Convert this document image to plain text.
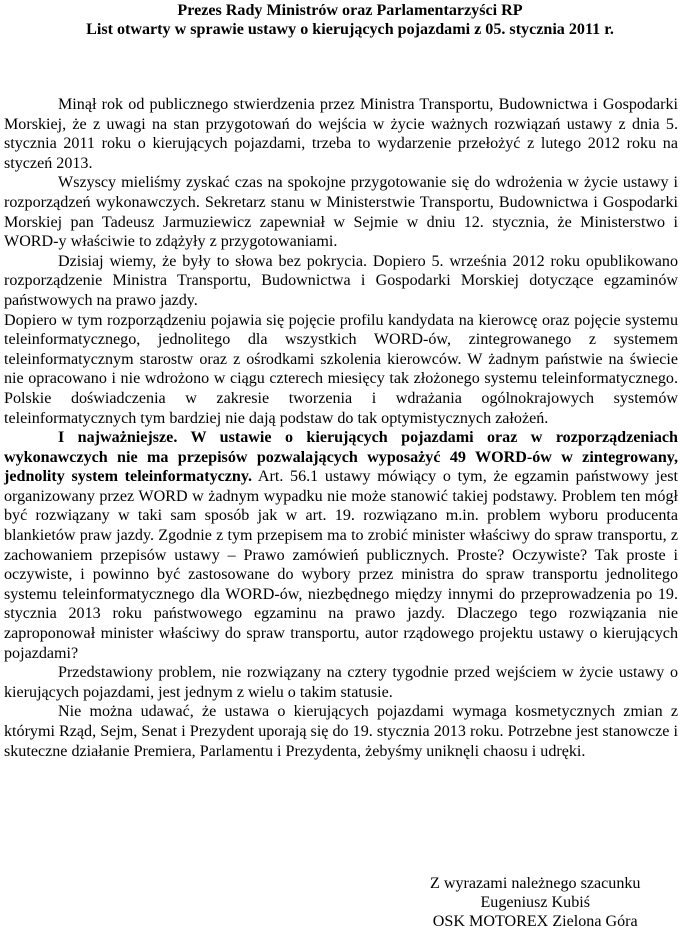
Prezes Rady Ministrów oraz Parlamentarzyści RP
List otwarty w sprawie ustawy o kierujących pojazdami z 05. stycznia 2011 r.

Minął rok od publicznego stwierdzenia przez Ministra Transportu, Budownictwa i Gospodarki Morskiej, że z uwagi na stan przygotowań do wejścia w życie ważnych rozwiązań ustawy z dnia 5. stycznia 2011 roku o kierujących pojazdami, trzeba to wydarzenie przełożyć z lutego 2012 roku na styczeń 2013.

Wszyscy mieliśmy zyskać czas na spokojne przygotowanie się do wdrożenia w życie ustawy i rozporządzeń wykonawczych. Sekretarz stanu w Ministerstwie Transportu, Budownictwa i Gospodarki Morskiej pan Tadeusz Jarmuziewicz zapewniał w Sejmie w dniu 12. stycznia, że Ministerstwo i WORD-y właściwie to zdążyły z przygotowaniami.

Dzisiaj wiemy, że były to słowa bez pokrycia. Dopiero 5. września 2012 roku opublikowano rozporządzenie Ministra Transportu, Budownictwa i Gospodarki Morskiej dotyczące egzaminów państwowych na prawo jazdy.

Dopiero w tym rozporządzeniu pojawia się pojęcie profilu kandydata na kierowcę oraz pojęcie systemu teleinformatycznego, jednolitego dla wszystkich WORD-ów, zintegrowanego z systemem teleinformatycznym starostw oraz z ośrodkami szkolenia kierowców. W żadnym państwie na świecie nie opracowano i nie wdrożono w ciągu czterech miesięcy tak złożonego systemu teleinformatycznego. Polskie doświadczenia w zakresie tworzenia i wdrażania ogólnokrajowych systemów teleinformatycznych tym bardziej nie dają podstaw do tak optymistycznych założeń.

I najważniejsze. W ustawie o kierujących pojazdami oraz w rozporządzeniach wykonawczych nie ma przepisów pozwalających wyposażyć 49 WORD-ów w zintegrowany, jednolity system teleinformatyczny. Art. 56.1 ustawy mówiący o tym, że egzamin państwowy jest organizowany przez WORD w żadnym wypadku nie może stanowić takiej podstawy. Problem ten mógł być rozwiązany w taki sam sposób jak w art. 19. rozwiązano m.in. problem wyboru producenta blankietów praw jazdy. Zgodnie z tym przepisem ma to zrobić minister właściwy do spraw transportu, z zachowaniem przepisów ustawy – Prawo zamówień publicznych. Proste? Oczywiste? Tak proste i oczywiste, i powinno być zastosowane do wybory przez ministra do spraw transportu jednolitego systemu teleinformatycznego dla WORD-ów, niezbędnego między innymi do przeprowadzenia po 19. stycznia 2013 roku państwowego egzaminu na prawo jazdy. Dlaczego tego rozwiązania nie zaproponował minister właściwy do spraw transportu, autor rządowego projektu ustawy o kierujących pojazdami?

Przedstawiony problem, nie rozwiązany na cztery tygodnie przed wejściem w życie ustawy o kierujących pojazdami, jest jednym z wielu o takim statusie.

Nie można udawać, że ustawa o kierujących pojazdami wymaga kosmetycznych zmian z którymi Rząd, Sejm, Senat i Prezydent uporają się do 19. stycznia 2013 roku. Potrzebne jest stanowcze i skuteczne działanie Premiera, Parlamentu i Prezydenta, żebyśmy uniknęli chaosu i udręki.

Z wyrazami należnego szacunku
Eugeniusz Kubiś
OSK MOTOREX Zielona Góra
